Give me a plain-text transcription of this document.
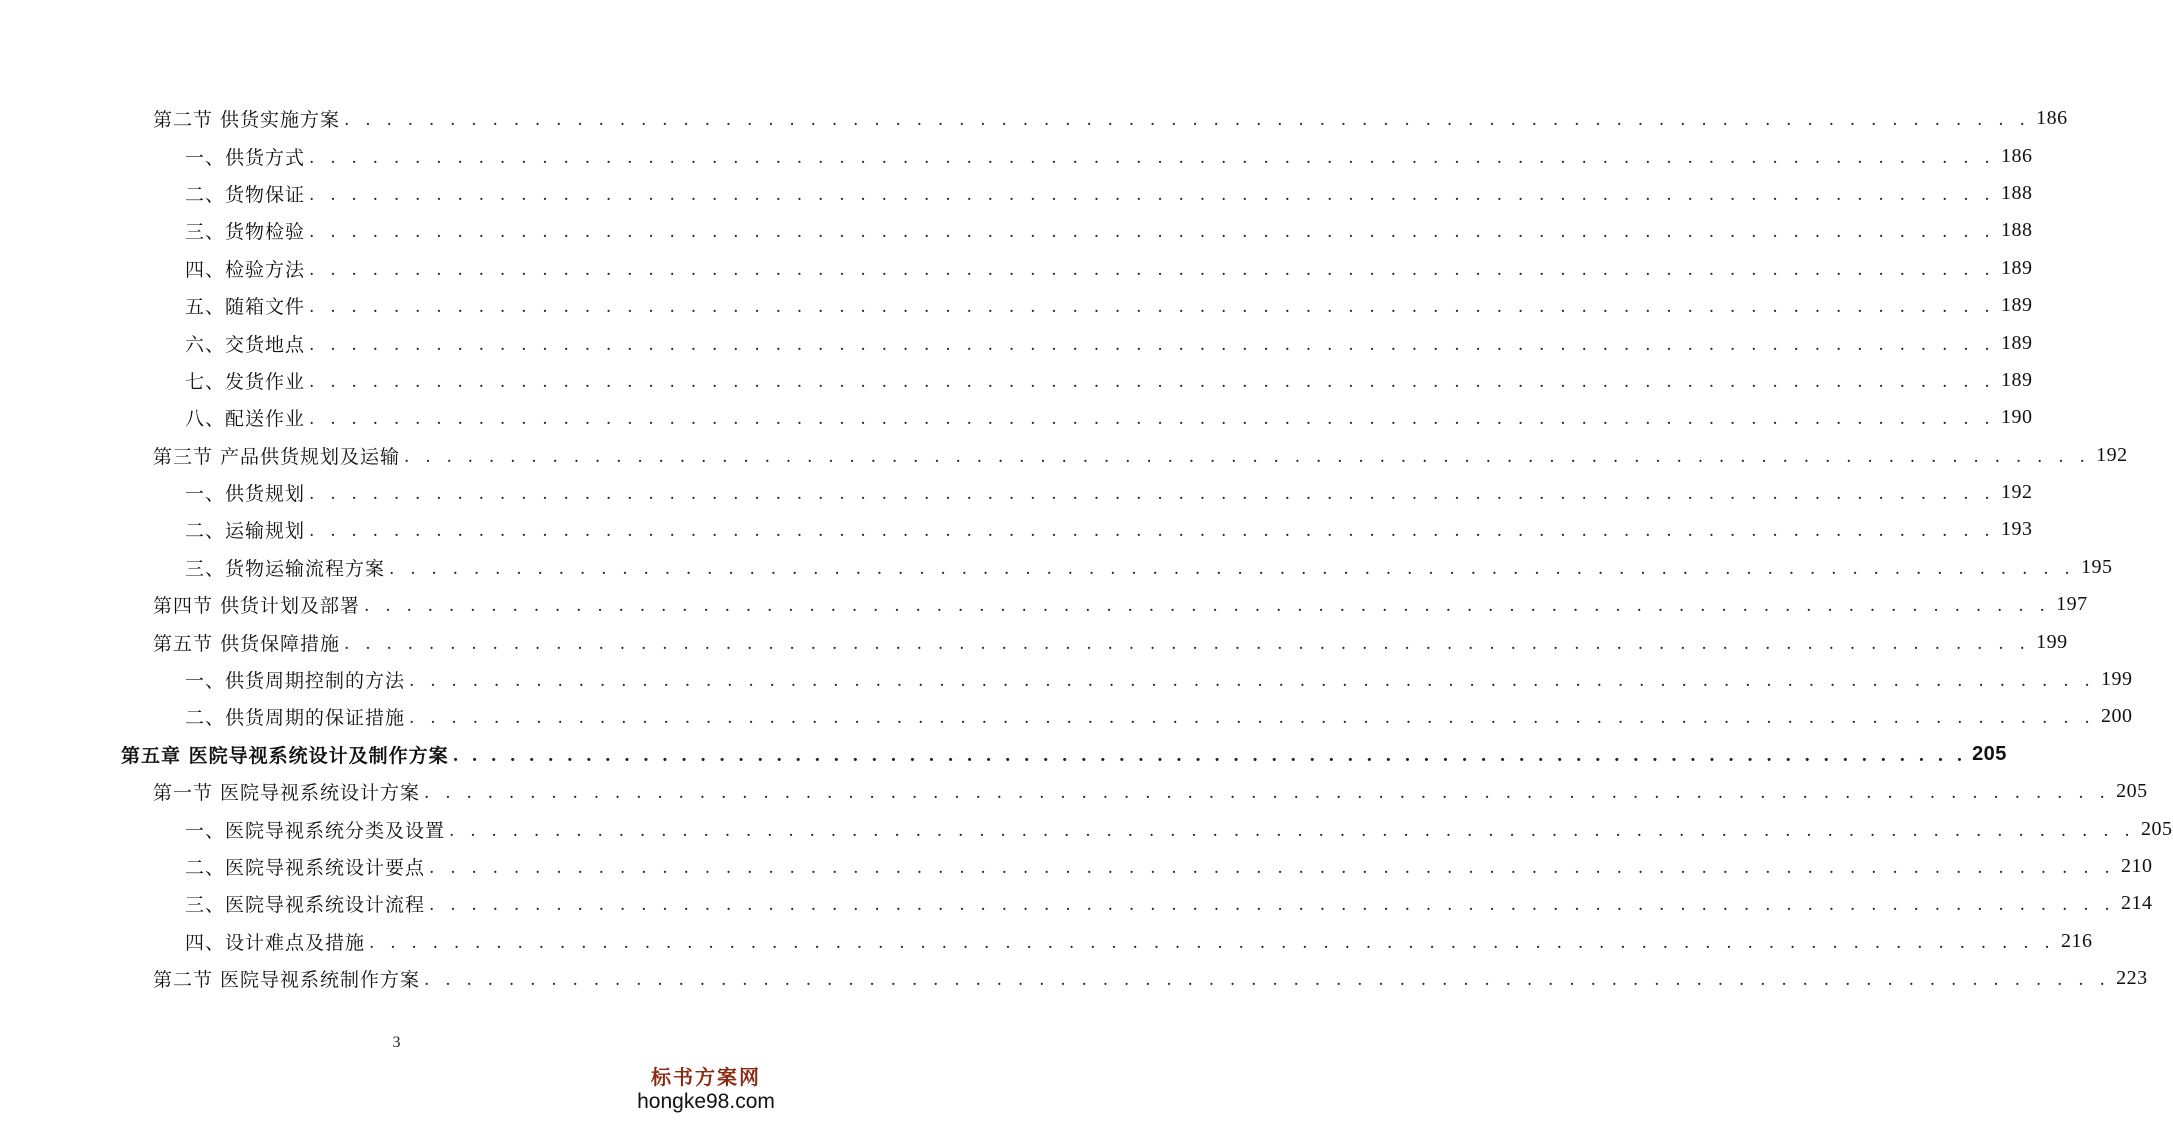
第二节 供货实施方案 . . . . . . . . . . . . . . . . . . . . . . . . . . . . . . . . . . . . . . . . . . . . . . . . . . . . . . . . . . . . . . . . . . . . . . . . . . . . . . . . 186
一、供货方式 . . . . . . . . . . . . . . . . . . . . . . . . . . . . . . . . . . . . . . . . . . . . . . . . . . . . . . . . . . . . . . . . . . . . . . . . . . . . . . . . 186
二、货物保证 . . . . . . . . . . . . . . . . . . . . . . . . . . . . . . . . . . . . . . . . . . . . . . . . . . . . . . . . . . . . . . . . . . . . . . . . . . . . . . . . 188
三、货物检验 . . . . . . . . . . . . . . . . . . . . . . . . . . . . . . . . . . . . . . . . . . . . . . . . . . . . . . . . . . . . . . . . . . . . . . . . . . . . . . . . 188
四、检验方法 . . . . . . . . . . . . . . . . . . . . . . . . . . . . . . . . . . . . . . . . . . . . . . . . . . . . . . . . . . . . . . . . . . . . . . . . . . . . . . . . 189
五、随箱文件 . . . . . . . . . . . . . . . . . . . . . . . . . . . . . . . . . . . . . . . . . . . . . . . . . . . . . . . . . . . . . . . . . . . . . . . . . . . . . . . . 189
六、交货地点 . . . . . . . . . . . . . . . . . . . . . . . . . . . . . . . . . . . . . . . . . . . . . . . . . . . . . . . . . . . . . . . . . . . . . . . . . . . . . . . . 189
七、发货作业 . . . . . . . . . . . . . . . . . . . . . . . . . . . . . . . . . . . . . . . . . . . . . . . . . . . . . . . . . . . . . . . . . . . . . . . . . . . . . . . . 189
八、配送作业 . . . . . . . . . . . . . . . . . . . . . . . . . . . . . . . . . . . . . . . . . . . . . . . . . . . . . . . . . . . . . . . . . . . . . . . . . . . . . . . . 190
第三节 产品供货规划及运输 . . . . . . . . . . . . . . . . . . . . . . . . . . . . . . . . . . . . . . . . . . . . . . . . . . . . . . . . . . . . . . . . . . . . . . . . . . . . . . . . 192
一、供货规划 . . . . . . . . . . . . . . . . . . . . . . . . . . . . . . . . . . . . . . . . . . . . . . . . . . . . . . . . . . . . . . . . . . . . . . . . . . . . . . . . 192
二、运输规划 . . . . . . . . . . . . . . . . . . . . . . . . . . . . . . . . . . . . . . . . . . . . . . . . . . . . . . . . . . . . . . . . . . . . . . . . . . . . . . . . 193
三、货物运输流程方案 . . . . . . . . . . . . . . . . . . . . . . . . . . . . . . . . . . . . . . . . . . . . . . . . . . . . . . . . . . . . . . . . . . . . . . . . . . . . . . . . 195
第四节 供货计划及部署 . . . . . . . . . . . . . . . . . . . . . . . . . . . . . . . . . . . . . . . . . . . . . . . . . . . . . . . . . . . . . . . . . . . . . . . . . . . . . . . . 197
第五节 供货保障措施 . . . . . . . . . . . . . . . . . . . . . . . . . . . . . . . . . . . . . . . . . . . . . . . . . . . . . . . . . . . . . . . . . . . . . . . . . . . . . . . . 199
一、供货周期控制的方法 . . . . . . . . . . . . . . . . . . . . . . . . . . . . . . . . . . . . . . . . . . . . . . . . . . . . . . . . . . . . . . . . . . . . . . . . . . . . . . . . 199
二、供货周期的保证措施 . . . . . . . . . . . . . . . . . . . . . . . . . . . . . . . . . . . . . . . . . . . . . . . . . . . . . . . . . . . . . . . . . . . . . . . . . . . . . . . . 200
第五章 医院导视系统设计及制作方案 . . . . . . . . . . . . . . . . . . . . . . . . . . . . . . . . . . . . . . . . . . . . . . . . . . . . . . . . . . . . . . . . . . . . . . . . . . . . . . . . 205
第一节 医院导视系统设计方案 . . . . . . . . . . . . . . . . . . . . . . . . . . . . . . . . . . . . . . . . . . . . . . . . . . . . . . . . . . . . . . . . . . . . . . . . . . . . . . . . 205
一、医院导视系统分类及设置 . . . . . . . . . . . . . . . . . . . . . . . . . . . . . . . . . . . . . . . . . . . . . . . . . . . . . . . . . . . . . . . . . . . . . . . . . . . . . . . . 205
二、医院导视系统设计要点 . . . . . . . . . . . . . . . . . . . . . . . . . . . . . . . . . . . . . . . . . . . . . . . . . . . . . . . . . . . . . . . . . . . . . . . . . . . . . . . . 210
三、医院导视系统设计流程 . . . . . . . . . . . . . . . . . . . . . . . . . . . . . . . . . . . . . . . . . . . . . . . . . . . . . . . . . . . . . . . . . . . . . . . . . . . . . . . . 214
四、设计难点及措施 . . . . . . . . . . . . . . . . . . . . . . . . . . . . . . . . . . . . . . . . . . . . . . . . . . . . . . . . . . . . . . . . . . . . . . . . . . . . . . . . 216
第二节 医院导视系统制作方案 . . . . . . . . . . . . . . . . . . . . . . . . . . . . . . . . . . . . . . . . . . . . . . . . . . . . . . . . . . . . . . . . . . . . . . . . . . . . . . . . 223
3
标书方案网
hongke98.com
